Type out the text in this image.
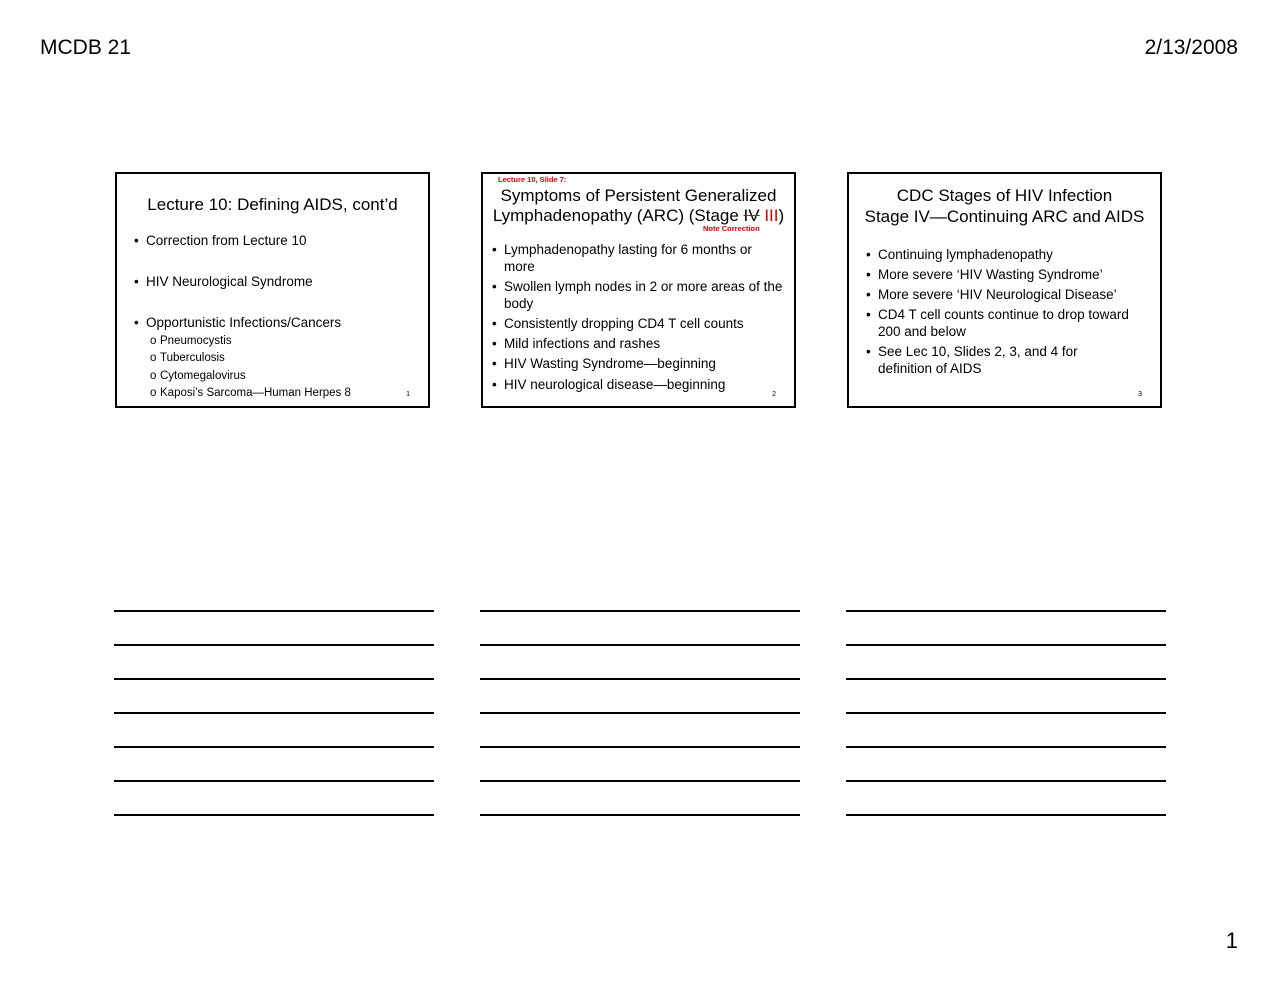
MCDB 21	2/13/2008
Lecture 10: Defining AIDS, cont’d
• Correction from Lecture 10
• HIV Neurological Syndrome
• Opportunistic Infections/Cancers
o Pneumocystis
o Tuberculosis
o Cytomegalovirus
o Kaposi’s Sarcoma—Human Herpes 8	1
Lecture 10, Slide 7:
Symptoms of Persistent Generalized
Lymphadenopathy (ARC) (Stage IV III)
Note Correction
• Lymphadenopathy lasting for 6 months or more
• Swollen lymph nodes in 2 or more areas of the body
• Consistently dropping CD4 T cell counts
• Mild infections and rashes
• HIV Wasting Syndrome—beginning
• HIV neurological disease—beginning
2
CDC Stages of HIV Infection
Stage IV—Continuing ARC and AIDS
• Continuing lymphadenopathy
• More severe ‘HIV Wasting Syndrome’
• More severe ‘HIV Neurological Disease’
• CD4 T cell counts continue to drop toward 200 and below
• See Lec 10, Slides 2, 3, and 4 for definition of AIDS
3
1
